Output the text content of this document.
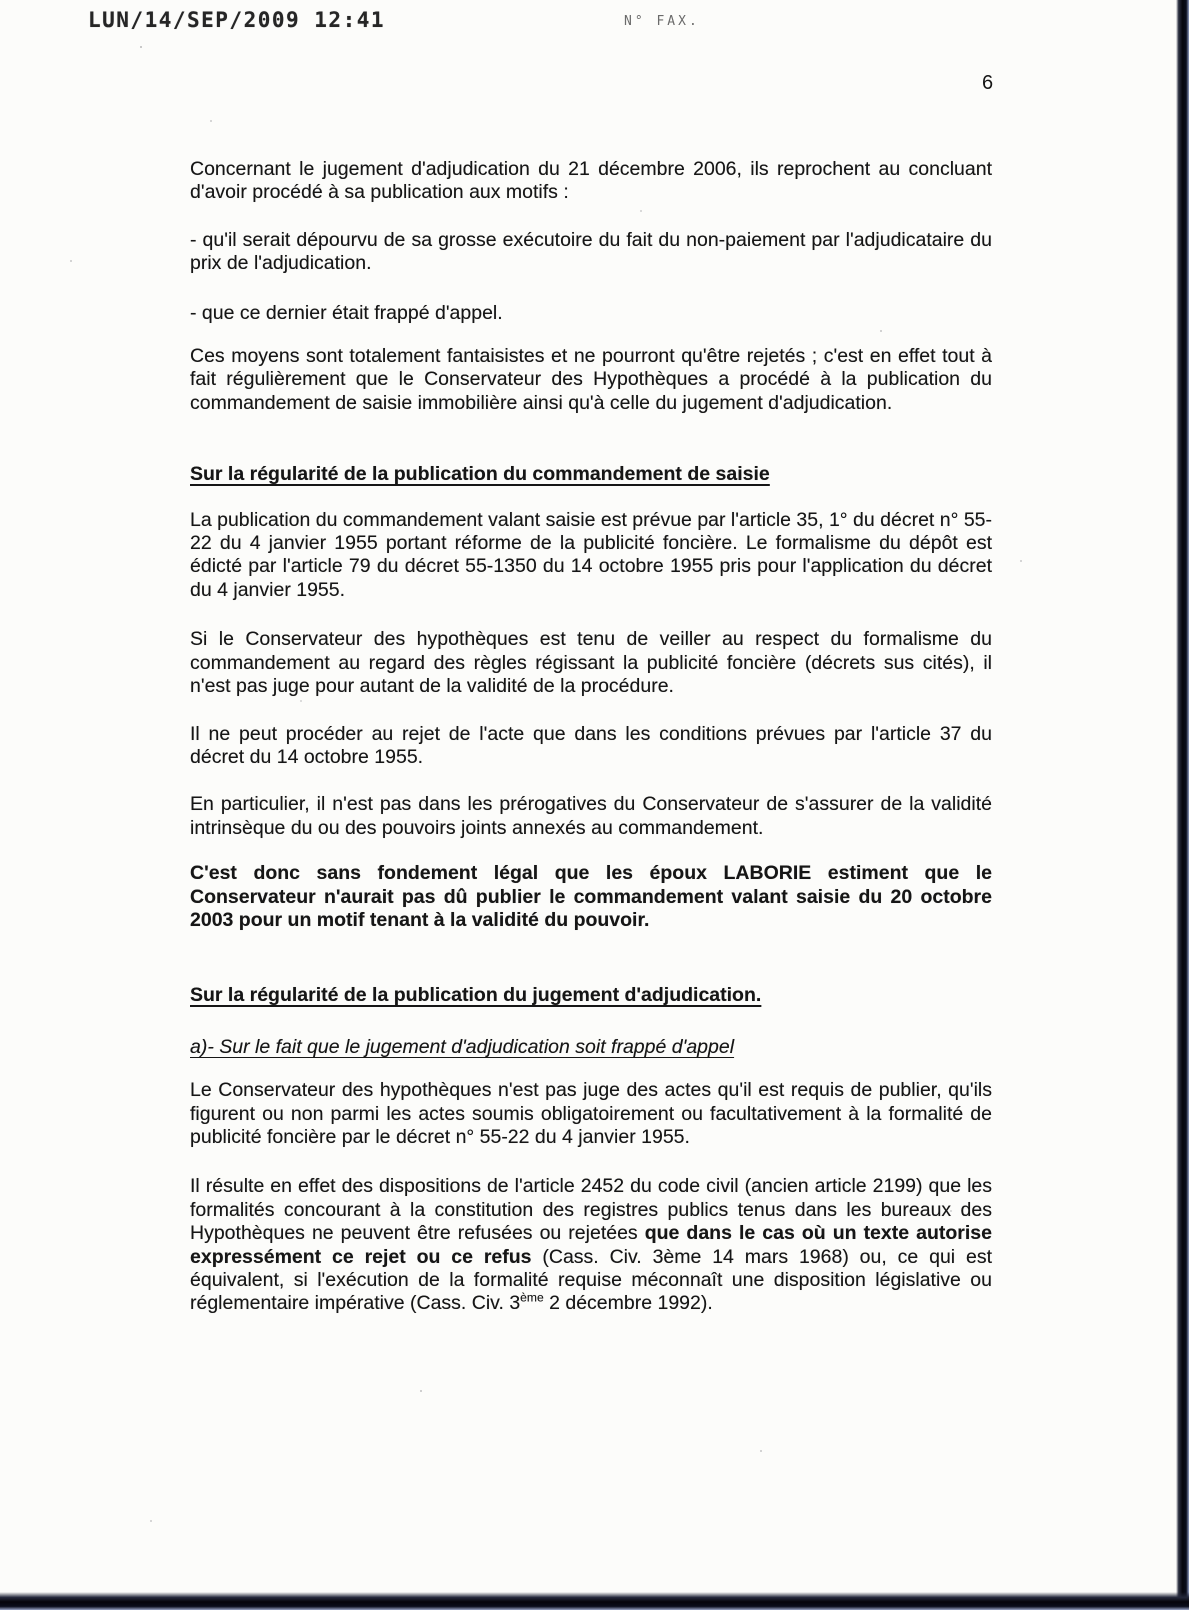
LUN/14/SEP/2009 12:41	N° FAX.
6

Concernant le jugement d'adjudication du 21 décembre 2006, ils reprochent au concluant d'avoir procédé à sa publication aux motifs :

- qu'il serait dépourvu de sa grosse exécutoire du fait du non-paiement par l'adjudicataire du prix de l'adjudication.

- que ce dernier était frappé d'appel.

Ces moyens sont totalement fantaisistes et ne pourront qu'être rejetés ; c'est en effet tout à fait régulièrement que le Conservateur des Hypothèques a procédé à la publication du commandement de saisie immobilière ainsi qu'à celle du jugement d'adjudication.

Sur la régularité de la publication du commandement de saisie

La publication du commandement valant saisie est prévue par l'article 35, 1° du décret n° 55-22 du 4 janvier 1955 portant réforme de la publicité foncière. Le formalisme du dépôt est édicté par l'article 79 du décret 55-1350 du 14 octobre 1955 pris pour l'application du décret du 4 janvier 1955.

Si le Conservateur des hypothèques est tenu de veiller au respect du formalisme du commandement au regard des règles régissant la publicité foncière (décrets sus cités), il n'est pas juge pour autant de la validité de la procédure.

Il ne peut procéder au rejet de l'acte que dans les conditions prévues par l'article 37 du décret du 14 octobre 1955.

En particulier, il n'est pas dans les prérogatives du Conservateur de s'assurer de la validité intrinsèque du ou des pouvoirs joints annexés au commandement.

C'est donc sans fondement légal que les époux LABORIE estiment que le Conservateur n'aurait pas dû publier le commandement valant saisie du 20 octobre 2003 pour un motif tenant à la validité du pouvoir.

Sur la régularité de la publication du jugement d'adjudication.
a)- Sur le fait que le jugement d'adjudication soit frappé d'appel

Le Conservateur des hypothèques n'est pas juge des actes qu'il est requis de publier, qu'ils figurent ou non parmi les actes soumis obligatoirement ou facultativement à la formalité de publicité foncière par le décret n° 55-22 du 4 janvier 1955.

Il résulte en effet des dispositions de l'article 2452 du code civil (ancien article 2199) que les formalités concourant à la constitution des registres publics tenus dans les bureaux des Hypothèques ne peuvent être refusées ou rejetées que dans le cas où un texte autorise expressément ce rejet ou ce refus (Cass. Civ. 3ème 14 mars 1968) ou, ce qui est équivalent, si l'exécution de la formalité requise méconnaît une disposition législative ou réglementaire impérative (Cass. Civ. 3ème 2 décembre 1992).
